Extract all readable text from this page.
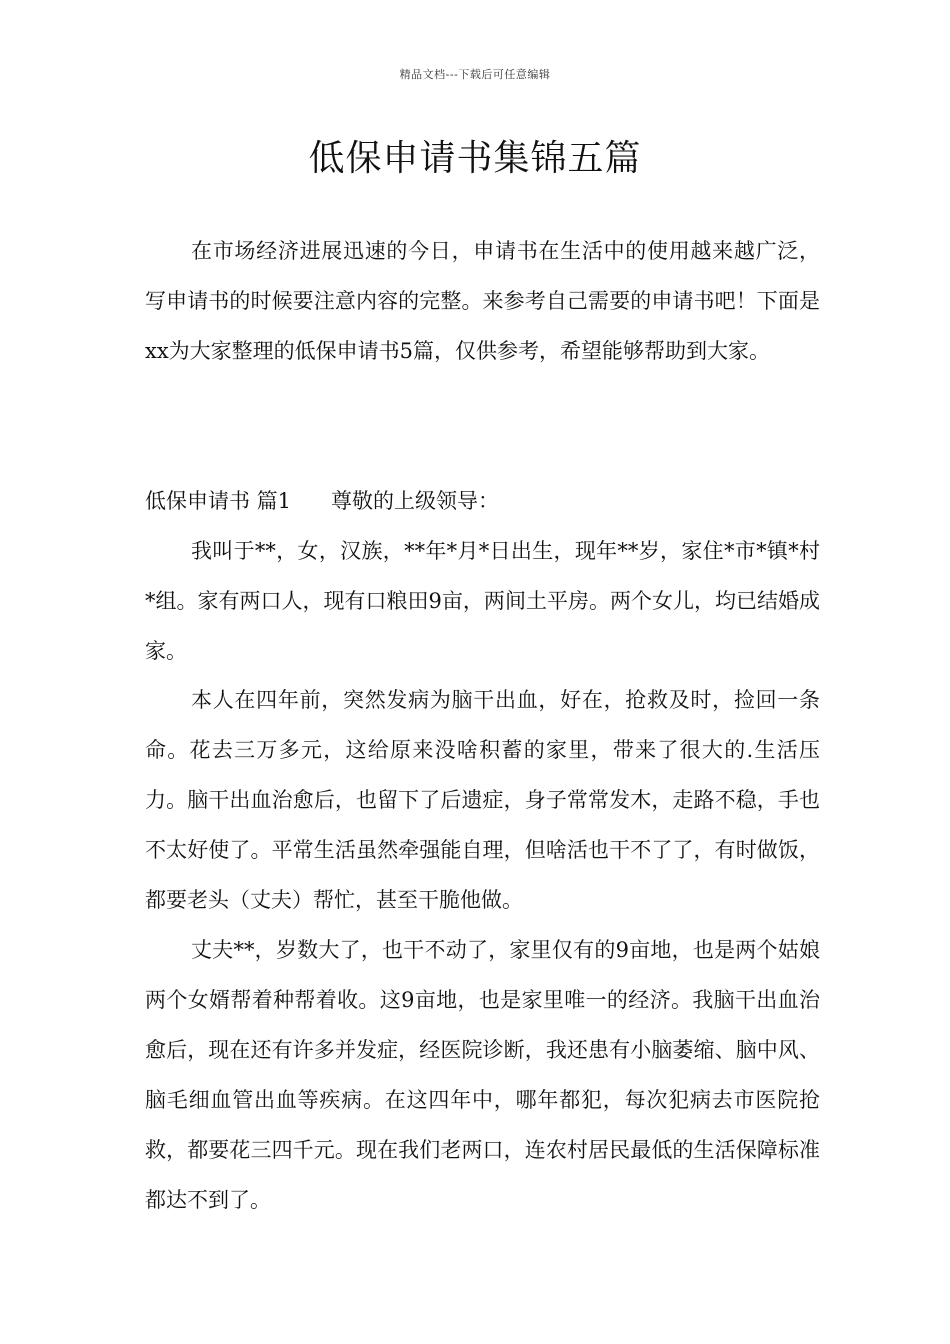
精品文档---下载后可任意编辑
低保申请书集锦五篇

在市场经济进展迅速的今日，申请书在生活中的使用越来越广泛，写申请书的时候要注意内容的完整。来参考自己需要的申请书吧！下面是xx为大家整理的低保申请书5篇，仅供参考，希望能够帮助到大家。

低保申请书 篇1 尊敬的上级领导：

我叫于**，女，汉族，**年*月*日出生，现年**岁，家住*市*镇*村*组。家有两口人，现有口粮田9亩，两间土平房。两个女儿，均已结婚成家。

本人在四年前，突然发病为脑干出血，好在，抢救及时，捡回一条命。花去三万多元，这给原来没啥积蓄的家里，带来了很大的.生活压力。脑干出血治愈后，也留下了后遗症，身子常常发木，走路不稳，手也不太好使了。平常生活虽然牵强能自理，但啥活也干不了了，有时做饭，都要老头（丈夫）帮忙，甚至干脆他做。

丈夫**，岁数大了，也干不动了，家里仅有的9亩地，也是两个姑娘两个女婿帮着种帮着收。这9亩地，也是家里唯一的经济。我脑干出血治愈后，现在还有许多并发症，经医院诊断，我还患有小脑萎缩、脑中风、脑毛细血管出血等疾病。在这四年中，哪年都犯，每次犯病去市医院抢救，都要花三四千元。现在我们老两口，连农村居民最低的生活保障标准都达不到了。
